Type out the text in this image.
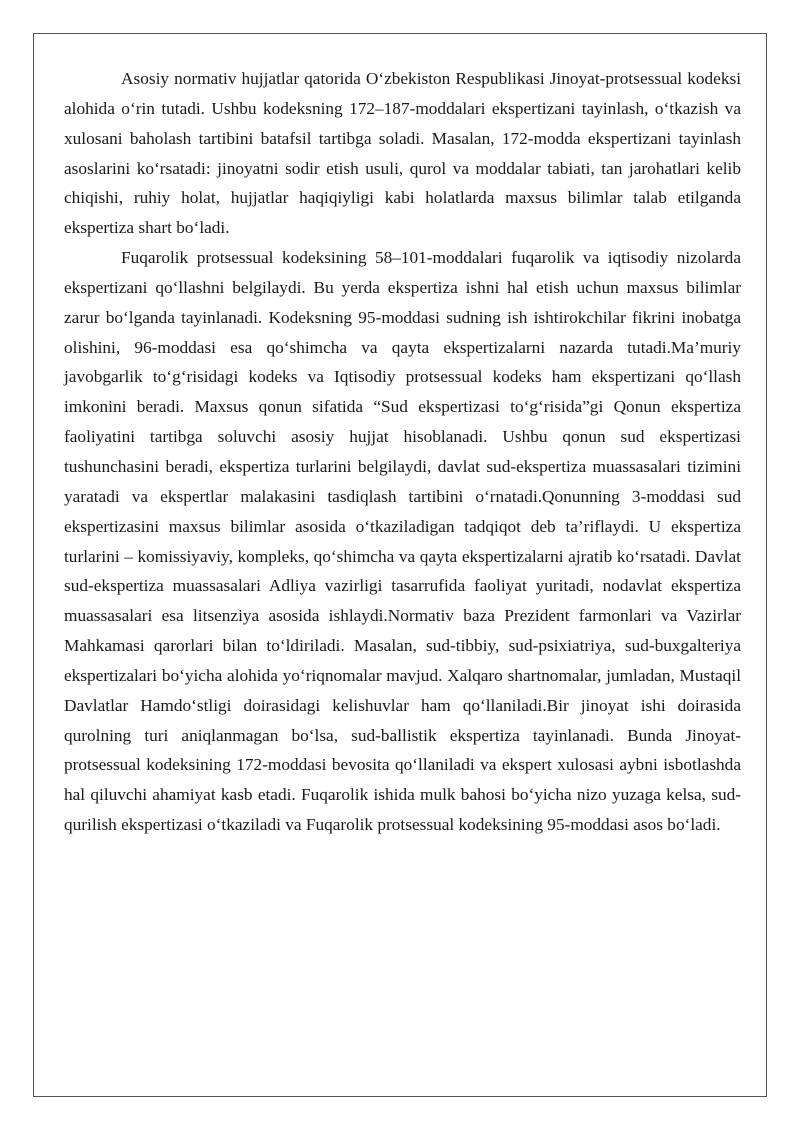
Asosiy normativ hujjatlar qatorida O‘zbekiston Respublikasi Jinoyat-protsessual kodeksi alohida o‘rin tutadi. Ushbu kodeksning 172–187-moddalari ekspertizani tayinlash, o‘tkazish va xulosani baholash tartibini batafsil tartibga soladi. Masalan, 172-modda ekspertizani tayinlash asoslarini ko‘rsatadi: jinoyatni sodir etish usuli, qurol va moddalar tabiati, tan jarohatlari kelib chiqishi, ruhiy holat, hujjatlar haqiqiyligi kabi holatlarda maxsus bilimlar talab etilganda ekspertiza shart bo‘ladi.

Fuqarolik protsessual kodeksining 58–101-moddalari fuqarolik va iqtisodiy nizolarda ekspertizani qo‘llashni belgilaydi. Bu yerda ekspertiza ishni hal etish uchun maxsus bilimlar zarur bo‘lganda tayinlanadi. Kodeksning 95-moddasi sudning ish ishtirokchilar fikrini inobatga olishini, 96-moddasi esa qo‘shimcha va qayta ekspertizalarni nazarda tutadi.Ma’muriy javobgarlik to‘g‘risidagi kodeks va Iqtisodiy protsessual kodeks ham ekspertizani qo‘llash imkonini beradi. Maxsus qonun sifatida “Sud ekspertizasi to‘g‘risida”gi Qonun ekspertiza faoliyatini tartibga soluvchi asosiy hujjat hisoblanadi. Ushbu qonun sud ekspertizasi tushunchasini beradi, ekspertiza turlarini belgilaydi, davlat sud-ekspertiza muassasalari tizimini yaratadi va ekspertlar malakasini tasdiqlash tartibini o‘rnatadi.Qonunning 3-moddasi sud ekspertizasini maxsus bilimlar asosida o‘tkaziladigan tadqiqot deb ta’riflaydi. U ekspertiza turlarini – komissiyaviy, kompleks, qo‘shimcha va qayta ekspertizalarni ajratib ko‘rsatadi. Davlat sud-ekspertiza muassasalari Adliya vazirligi tasarrufida faoliyat yuritadi, nodavlat ekspertiza muassasalari esa litsenziya asosida ishlaydi.Normativ baza Prezident farmonlari va Vazirlar Mahkamasi qarorlari bilan to‘ldiriladi. Masalan, sud-tibbiy, sud-psixiatriya, sud-buxgalteriya ekspertizalari bo‘yicha alohida yo‘riqnomalar mavjud. Xalqaro shartnomalar, jumladan, Mustaqil Davlatlar Hamdo‘stligi doirasidagi kelishuvlar ham qo‘llaniladi.Bir jinoyat ishi doirasida qurolning turi aniqlanmagan bo‘lsa, sud-ballistik ekspertiza tayinlanadi. Bunda Jinoyat-protsessual kodeksining 172-moddasi bevosita qo‘llaniladi va ekspert xulosasi aybni isbotlashda hal qiluvchi ahamiyat kasb etadi. Fuqarolik ishida mulk bahosi bo‘yicha nizo yuzaga kelsa, sud-qurilish ekspertizasi o‘tkaziladi va Fuqarolik protsessual kodeksining 95-moddasi asos bo‘ladi.
